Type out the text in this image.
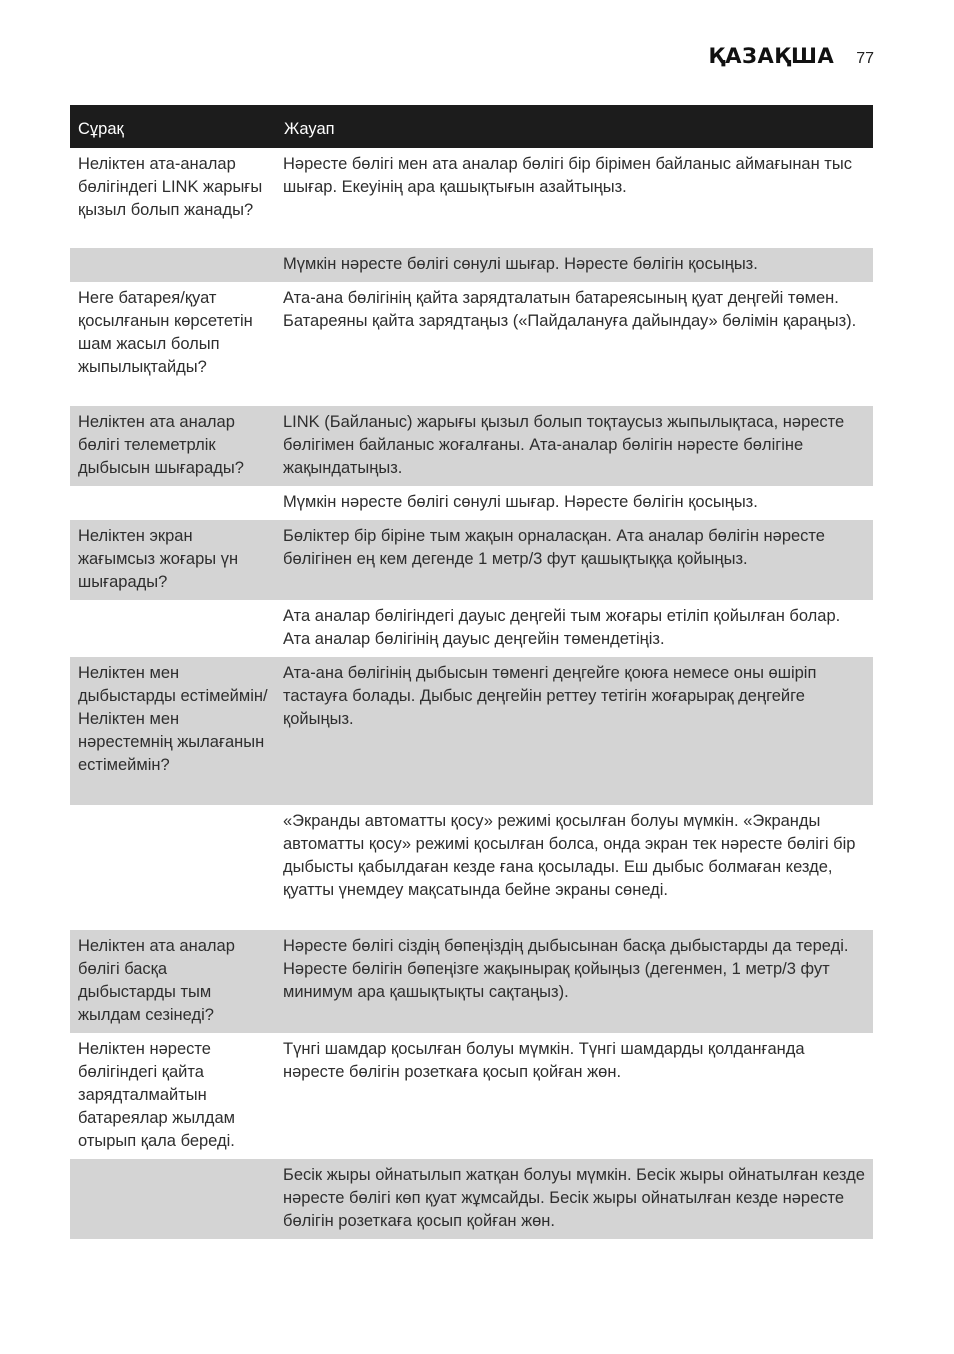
ҚАЗАҚША 77
Сұрақ	Жауап
Неліктен ата-аналар бөлігіндегі LINK жарығы қызыл болып жанады?	Нәресте бөлігі мен ата аналар бөлігі бір бірімен байланыс аймағынан тыс шығар. Екеуінің ара қашықтығын азайтыңыз.
	Мүмкін нәресте бөлігі сөнулі шығар. Нәресте бөлігін қосыңыз.
Неге батарея/қуат қосылғанын көрсететін шам жасыл болып жыпылықтайды?	Ата-ана бөлігінің қайта зарядталатын батареясының қуат деңгейі төмен. Батареяны қайта зарядтаңыз («Пайдалануға дайындау» бөлімін қараңыз).
Неліктен ата аналар бөлігі телеметрлік дыбысын шығарады?	LINK (Байланыс) жарығы қызыл болып тоқтаусыз жыпылықтаса, нәресте бөлігімен байланыс жоғалғаны. Ата-аналар бөлігін нәресте бөлігіне жақындатыңыз.
	Мүмкін нәресте бөлігі сөнулі шығар. Нәресте бөлігін қосыңыз.
Неліктен экран жағымсыз жоғары үн шығарады?	Бөліктер бір біріне тым жақын орналасқан. Ата аналар бөлігін нәресте бөлігінен ең кем дегенде 1 метр/3 фут қашықтыққа қойыңыз.
	Ата аналар бөлігіндегі дауыс деңгейі тым жоғары етіліп қойылған болар. Ата аналар бөлігінің дауыс деңгейін төмендетіңіз.
Неліктен мен дыбыстарды естімеймін/Неліктен мен нәрестемнің жылағанын естімеймін?	Ата-ана бөлігінің дыбысын төменгі деңгейге қоюға немесе оны өшіріп тастауға болады. Дыбыс деңгейін реттеу тетігін жоғарырақ деңгейге қойыңыз.
	«Экранды автоматты қосу» режимі қосылған болуы мүмкін. «Экранды автоматты қосу» режимі қосылған болса, онда экран тек нәресте бөлігі бір дыбысты қабылдаған кезде ғана қосылады. Еш дыбыс болмаған кезде, қуатты үнемдеу мақсатында бейне экраны сөнеді.
Неліктен ата аналар бөлігі басқа дыбыстарды тым жылдам сезінеді?	Нәресте бөлігі сіздің бөпеңіздің дыбысынан басқа дыбыстарды да тереді. Нәресте бөлігін бөпеңізге жақынырақ қойыңыз (дегенмен, 1 метр/3 фут минимум ара қашықтықты сақтаңыз).
Неліктен нәресте бөлігіндегі қайта зарядталмайтын батареялар жылдам отырып қала береді.	Түнгі шамдар қосылған болуы мүмкін. Түнгі шамдарды қолданғанда нәресте бөлігін розеткаға қосып қойған жөн.
	Бесік жыры ойнатылып жатқан болуы мүмкін. Бесік жыры ойнатылған кезде нәресте бөлігі көп қуат жұмсайды. Бесік жыры ойнатылған кезде нәресте бөлігін розеткаға қосып қойған жөн.
